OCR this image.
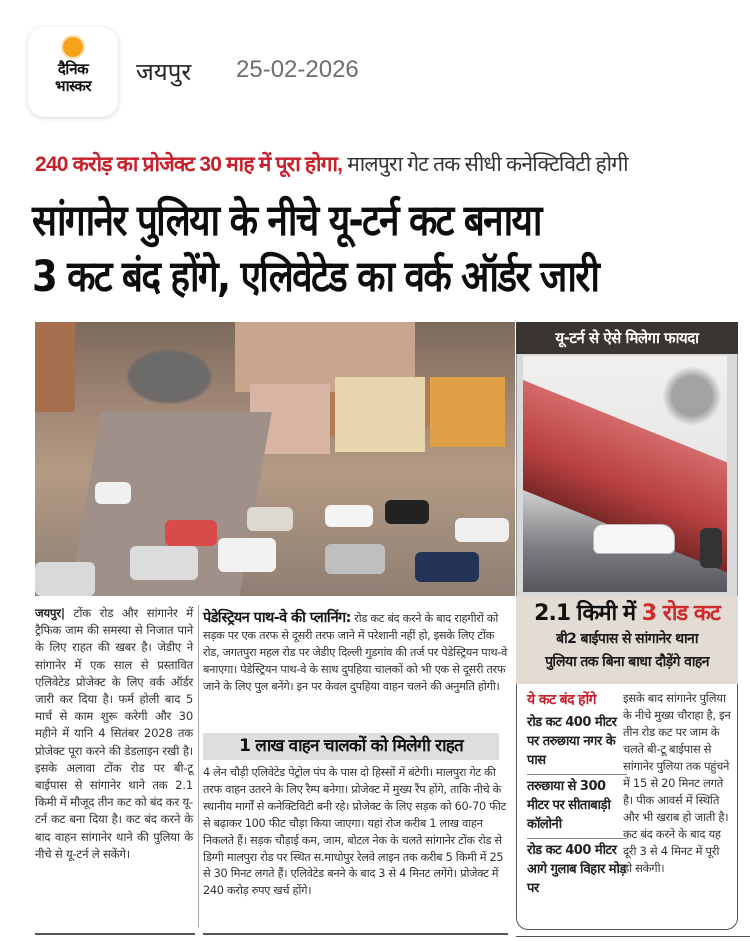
दैनिक
भास्कर जयपुर 25-02-2026
240 करोड़ का प्रोजेक्ट 30 माह में पूरा होगा, मालपुरा गेट तक सीधी कनेक्टिविटी होगी
सांगानेर पुलिया के नीचे यू-टर्न कट बनाया
3 कट बंद होंगे, एलिवेटेड का वर्क ऑर्डर जारी
यू-टर्न से ऐसे मिलेगा फायदा
2.1 किमी में 3 रोड कट
बी2 बाईपास से सांगानेर थाना
पुलिया तक बिना बाधा दौड़ेंगे वाहन
ये कट बंद होंगे
रोड कट 400 मीटर पर तरुछाया नगर के पास
तरुछाया से 300 मीटर पर सीताबाड़ी कॉलोनी
रोड कट 400 मीटर आगे गुलाब विहार मोड़ पर
इसके बाद सांगानेर पुलिया के नीचे मुख्य चौराहा है, इन तीन रोड कट पर जाम के चलते बी-टू बाईपास से सांगानेर पुलिया तक पहुंचने में 15 से 20 मिनट लगते है। पीक आवर्स में स्थिति और भी खराब हो जाती है। कट बंद करने के बाद यह दूरी 3 से 4 मिनट में पूरी हो सकेगी।
जयपुर| टोंक रोड और सांगानेर में ट्रैफिक जाम की समस्या से निजात पाने के लिए राहत की खबर है। जेडीए ने सांगानेर में एक साल से प्रस्तावित एलिवेटेड प्रोजेक्ट के लिए वर्क ऑर्डर जारी कर दिया है। फर्म होली बाद 5 मार्च से काम शुरू करेगी और 30 महीने में यानि 4 सितंबर 2028 तक प्रोजेक्ट पूरा करने की डेडलाइन रखी है। इसके अलावा टोंक रोड पर बी-टू बाईपास से सांगानेर थाने तक 2.1 किमी में मौजूद तीन कट को बंद कर यू-टर्न कट बना दिया है। कट बंद करने के बाद वाहन सांगानेर थाने की पुलिया के नीचे से यू-टर्न ले सकेंगे।
पेडेस्ट्रियन पाथ-वे की प्लानिंग: रोड कट बंद करने के बाद राहगीरों को सड़क पर एक तरफ से दूसरी तरफ जाने में परेशानी नहीं हो, इसके लिए टोंक रोड, जगतपुरा महल रोड पर जेडीए दिल्ली गुडगांव की तर्ज पर पेडेस्ट्रियन पाथ-वे बनाएगा। पेडेस्ट्रियन पाथ-वे के साथ दुपहिया चालकों को भी एक से दूसरी तरफ जाने के लिए पुल बनेंगे। इन पर केवल दुपहिया वाहन चलने की अनुमति होगी।
1 लाख वाहन चालकों को मिलेगी राहत
4 लेन चौड़ी एलिवेटेड पेट्रोल पंप के पास दो हिस्सों में बंटेगी। मालपुरा गेट की तरफ वाहन उतरने के लिए रैम्प बनेगा। प्रोजेक्ट में मुख्य रैंप होंगे, ताकि नीचे के स्थानीय मार्गों से कनेक्टिविटी बनी रहे। प्रोजेक्ट के लिए सड़क को 60-70 फीट से बढ़ाकर 100 फीट चौड़ा किया जाएगा। यहां रोज करीब 1 लाख वाहन निकलते हैं। सड़क चौड़ाई कम, जाम, बोटल नेक के चलते सांगानेर टोंक रोड से डिग्गी मालपुरा रोड पर स्थित स.माधोपुर रेलवे लाइन तक करीब 5 किमी में 25 से 30 मिनट लगते हैं। एलिवेटेड बनने के बाद 3 से 4 मिनट लगेंगे। प्रोजेक्ट में 240 करोड़ रुपए खर्च होंगे।
